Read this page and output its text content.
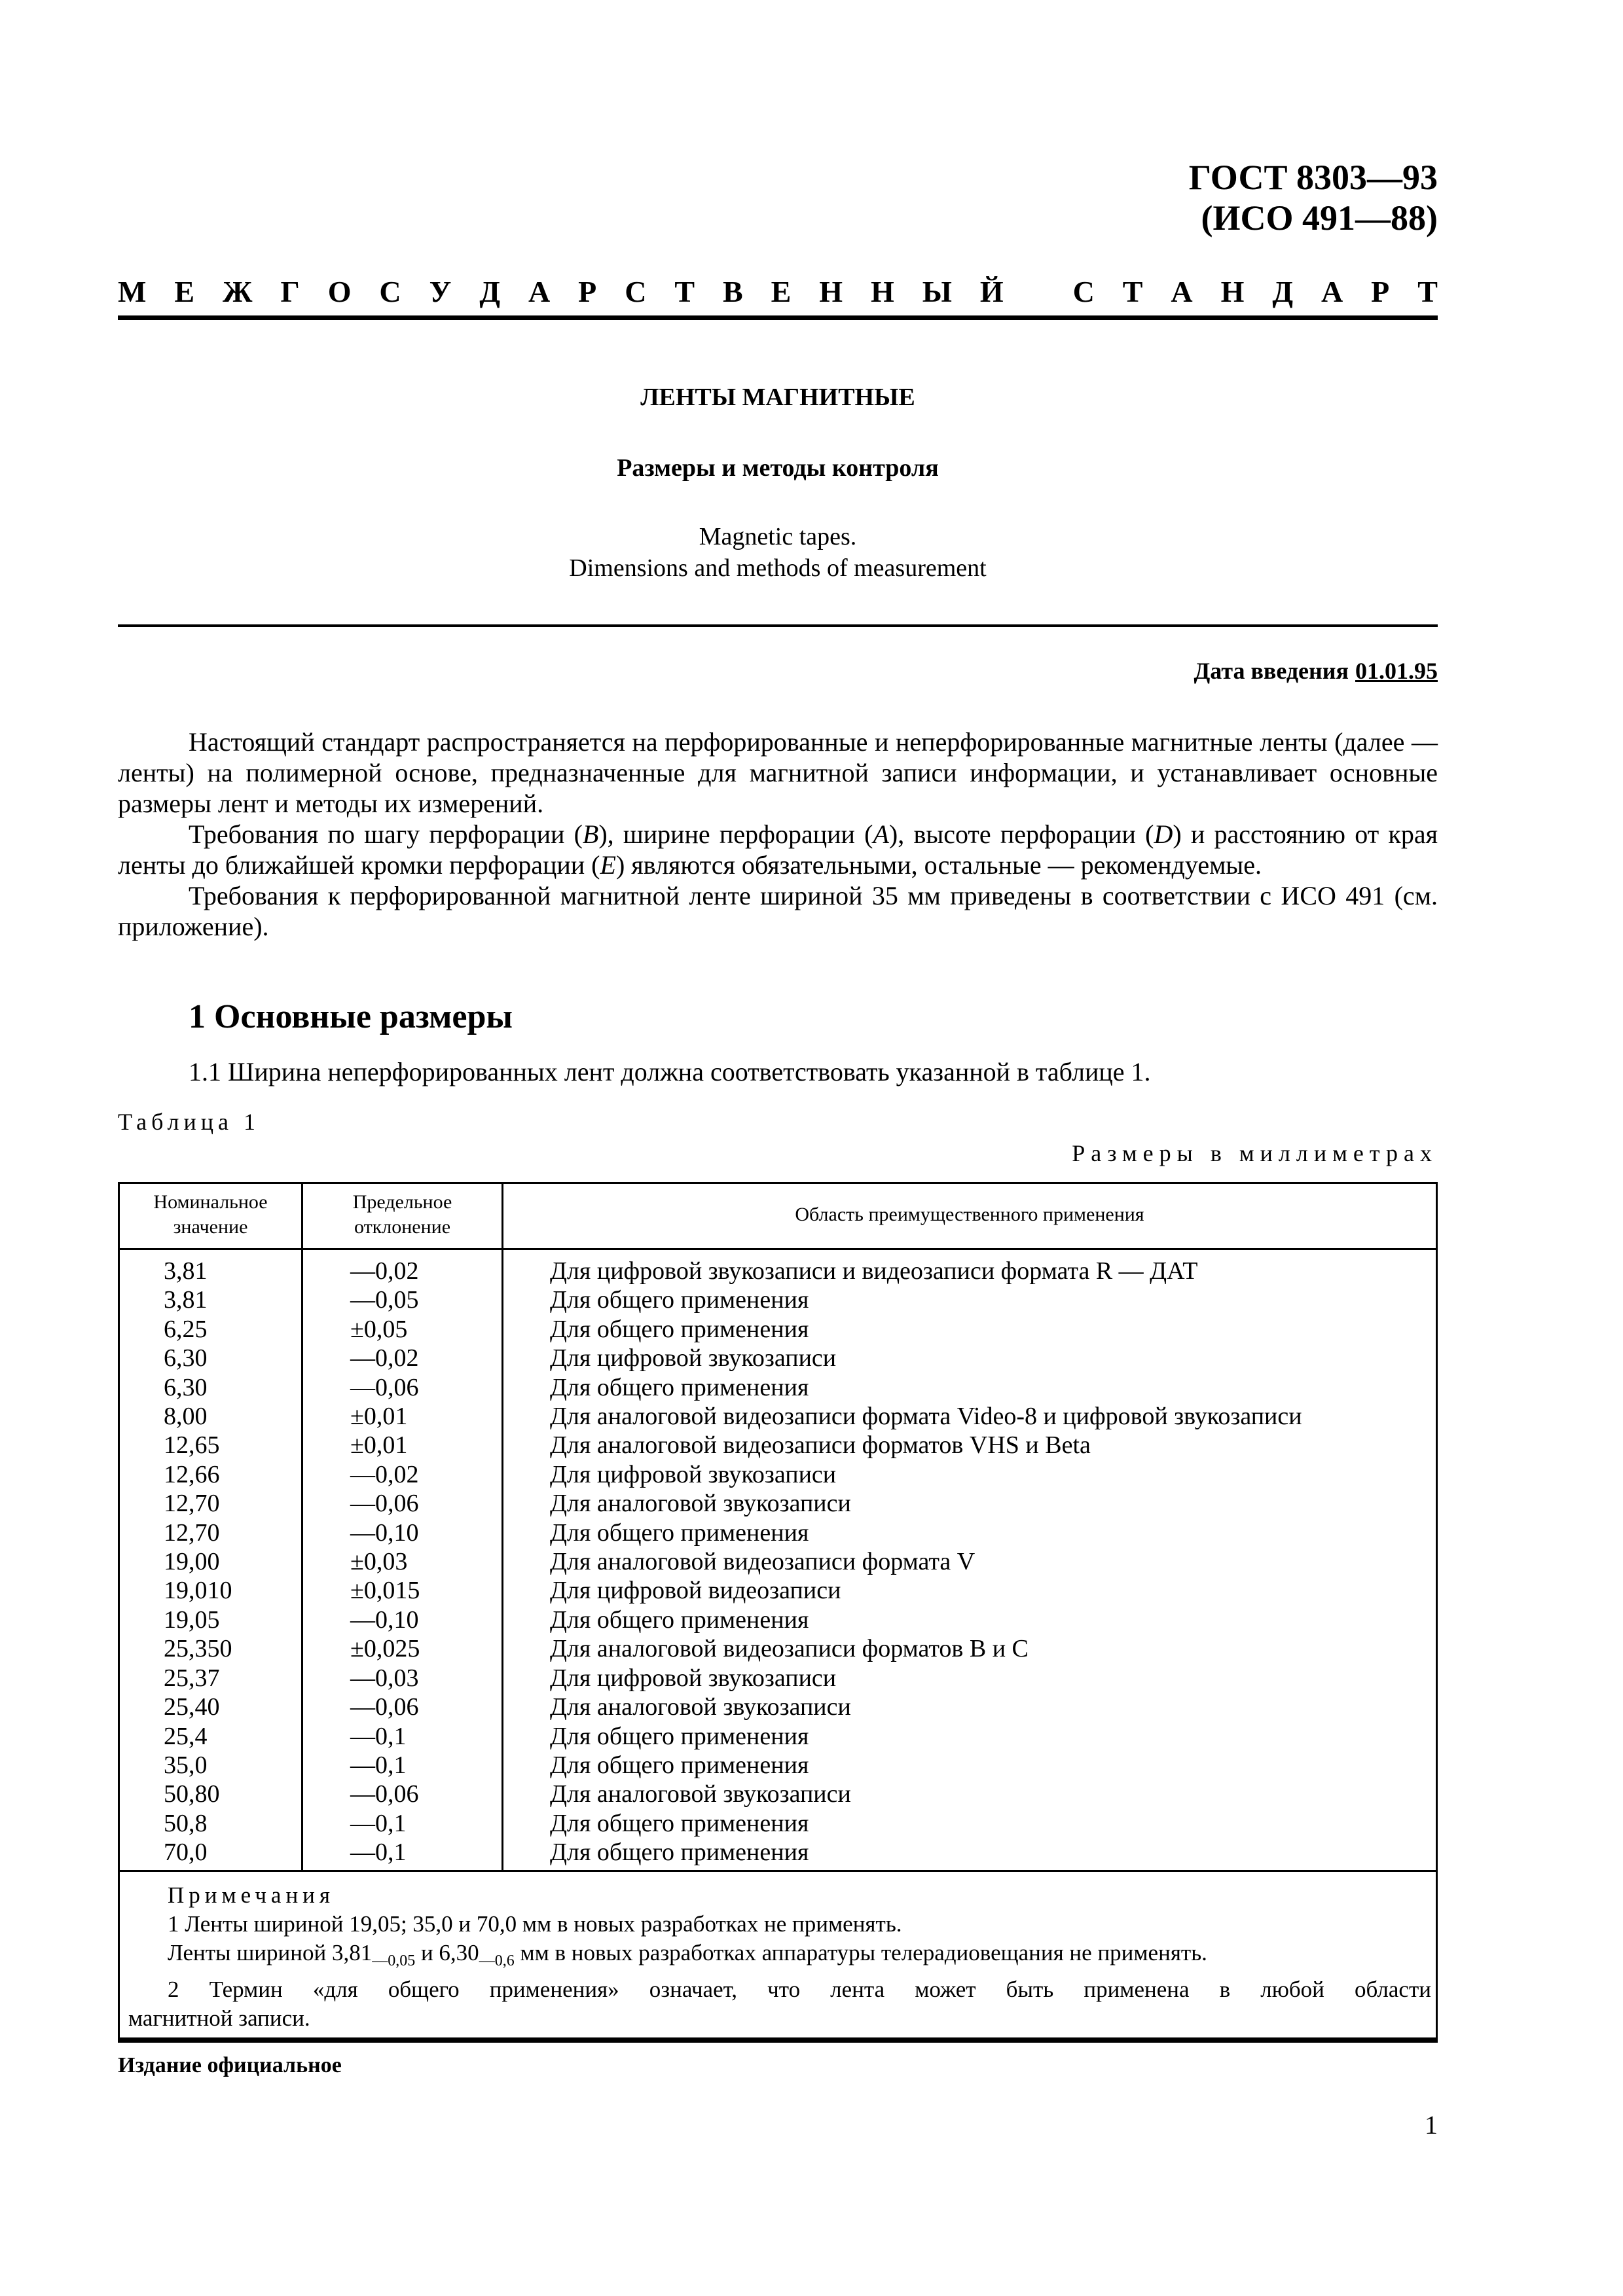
ГОСТ 8303—93
(ИСО 491—88)
М Е Ж Г О С У Д А Р С Т В Е Н Н Ы Й С Т А Н Д А Р Т
ЛЕНТЫ МАГНИТНЫЕ
Размеры и методы контроля
Magnetic tapes.
Dimensions and methods of measurement
Дата введения 01.01.95

Настоящий стандарт распространяется на перфорированные и неперфорированные магнитные ленты (далее — ленты) на полимерной основе, предназначенные для магнитной записи информации, и устанавливает основные размеры лент и методы их измерений.

Требования по шагу перфорации (B), ширине перфорации (A), высоте перфорации (D) и расстоянию от края ленты до ближайшей кромки перфорации (E) являются обязательными, остальные — рекомендуемые.

Требования к перфорированной магнитной ленте шириной 35 мм приведены в соответствии с ИСО 491 (см. приложение).

1 Основные размеры
1.1 Ширина неперфорированных лент должна соответствовать указанной в таблице 1.
Таблица 1
Размеры в миллиметрах
Номинальное
значение
Предельное
отклонение
Область преимущественного применения
3,81
3,81
6,25
6,30
6,30
8,00
12,65
12,66
12,70
12,70
19,00
19,010
19,05
25,350
25,37
25,40
25,4
35,0
50,80
50,8
70,0
—0,02
—0,05
±0,05
—0,02
—0,06
±0,01
±0,01
—0,02
—0,06
—0,10
±0,03
±0,015
—0,10
±0,025
—0,03
—0,06
—0,1
—0,1
—0,06
—0,1
—0,1
Для цифровой звукозаписи и видеозаписи формата R — ДАТ
Для общего применения
Для общего применения
Для цифровой звукозаписи
Для общего применения
Для аналоговой видеозаписи формата Video-8 и цифровой звукозаписи
Для аналоговой видеозаписи форматов VHS и Beta
Для цифровой звукозаписи
Для аналоговой звукозаписи
Для общего применения
Для аналоговой видеозаписи формата V
Для цифровой видеозаписи
Для общего применения
Для аналоговой видеозаписи форматов В и С
Для цифровой звукозаписи
Для аналоговой звукозаписи
Для общего применения
Для общего применения
Для аналоговой звукозаписи
Для общего применения
Для общего применения
Примечания
1 Ленты шириной 19,05; 35,0 и 70,0 мм в новых разработках не применять.
Ленты шириной $3,81_{—0,05}$ и $6,30_{—0,6}$ мм в новых разработках аппаратуры телерадиовещания не применять.
2 Термин «для общего применения» означает, что лента может быть применена в любой области
магнитной записи.
Издание официальное
1
